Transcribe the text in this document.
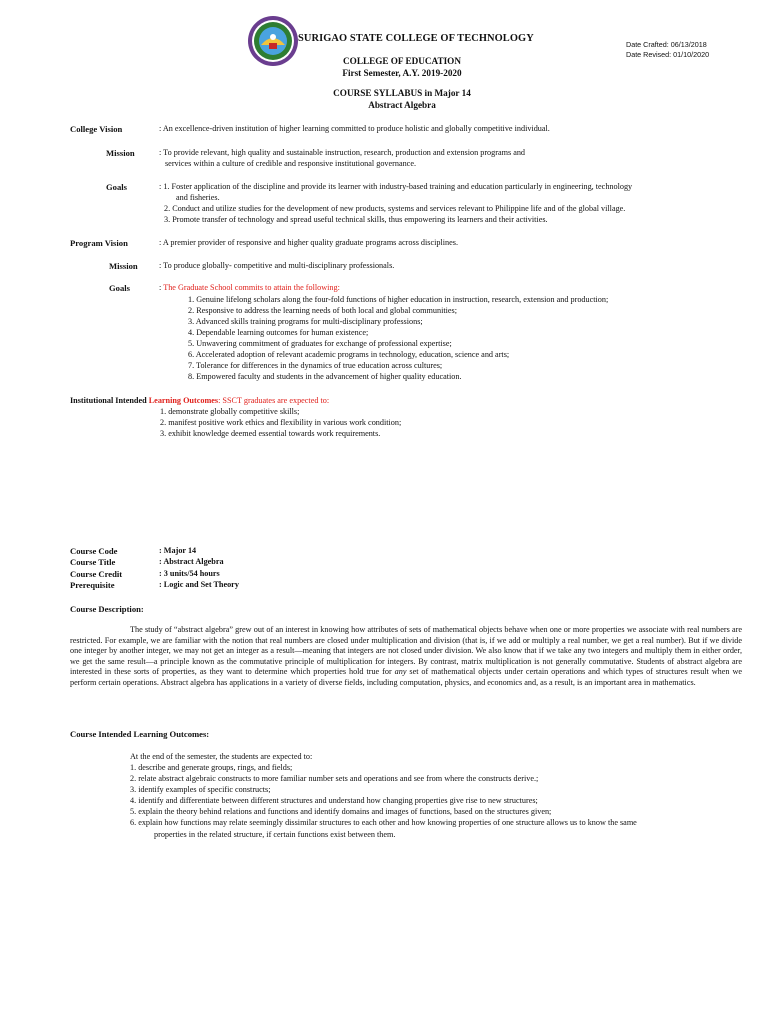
SURIGAO STATE COLLEGE OF TECHNOLOGY
Date Crafted: 06/13/2018
Date Revised: 01/10/2020
COLLEGE OF EDUCATION
First Semester, A.Y. 2019-2020
COURSE SYLLABUS in Major 14
Abstract Algebra
College Vision	: An excellence-driven institution of higher learning committed to produce holistic and globally competitive individual.
Mission	: To provide relevant, high quality and sustainable instruction, research, production and extension programs and
services within a culture of credible and responsive institutional governance.
Goals	: 1. Foster application of the discipline and provide its learner with industry-based training and education particularly in engineering, technology
and fisheries.
2. Conduct and utilize studies for the development of new products, systems and services relevant to Philippine life and of the global village.
3. Promote transfer of technology and spread useful technical skills, thus empowering its learners and their activities.
Program Vision	: A premier provider of responsive and higher quality graduate programs across disciplines.
Mission	: To produce globally- competitive and multi-disciplinary professionals.
Goals	: The Graduate School commits to attain the following:
1. Genuine lifelong scholars along the four-fold functions of higher education in instruction, research, extension and production;
2. Responsive to address the learning needs of both local and global communities;
3. Advanced skills training programs for multi-disciplinary professions;
4. Dependable learning outcomes for human existence;
5. Unwavering commitment of graduates for exchange of professional expertise;
6. Accelerated adoption of relevant academic programs in technology, education, science and arts;
7. Tolerance for differences in the dynamics of true education across cultures;
8. Empowered faculty and students in the advancement of higher quality education.
Institutional Intended Learning Outcomes: SSCT graduates are expected to:
1. demonstrate globally competitive skills;
2. manifest positive work ethics and flexibility in various work condition;
3. exhibit knowledge deemed essential towards work requirements.
Course Code	: Major 14
Course Title	: Abstract Algebra
Course Credit	: 3 units/54 hours
Prerequisite	: Logic and Set Theory
Course Description:
The study of “abstract algebra” grew out of an interest in knowing how attributes of sets of mathematical objects behave when one or more properties we associate with real numbers are restricted. For example, we are familiar with the notion that real numbers are closed under multiplication and division (that is, if we add or multiply a real number, we get a real number). But if we divide one integer by another integer, we may not get an integer as a result—meaning that integers are not closed under division. We also know that if we take any two integers and multiply them in either order, we get the same result—a principle known as the commutative principle of multiplication for integers. By contrast, matrix multiplication is not generally commutative. Students of abstract algebra are interested in these sorts of properties, as they want to determine which properties hold true for any set of mathematical objects under certain operations and which types of structures result when we perform certain operations. Abstract algebra has applications in a variety of diverse fields, including computation, physics, and economics and, as a result, is an important area in mathematics.
Course Intended Learning Outcomes:
At the end of the semester, the students are expected to:
1. describe and generate groups, rings, and fields;
2. relate abstract algebraic constructs to more familiar number sets and operations and see from where the constructs derive.;
3. identify examples of specific constructs;
4. identify and differentiate between different structures and understand how changing properties give rise to new structures;
5. explain the theory behind relations and functions and identify domains and images of functions, based on the structures given;
6. explain how functions may relate seemingly dissimilar structures to each other and how knowing properties of one structure allows us to know the same
properties in the related structure, if certain functions exist between them.
